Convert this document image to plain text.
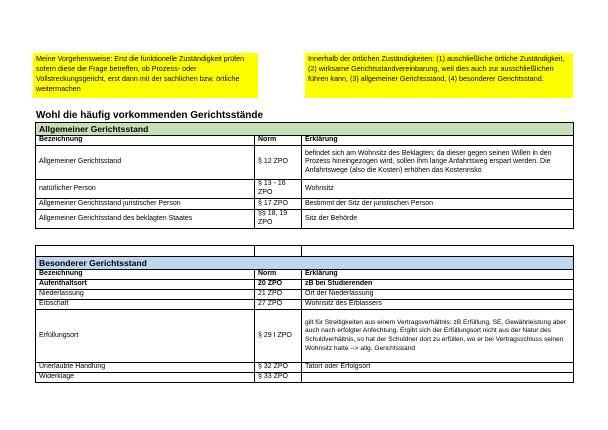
Meine Vorgehensweise: Erst die funktionelle Zuständigkeit prüfen sofern diese die Frage betreffen, ob Prozess- oder Vollstreckungsgericht, erst dann mit der sachlichen bzw. örtliche weitermachen
Innerhalb der örtlichen Zuständigkeiten: (1) auschließliche örtliche Zuständigkeit, (2) wirksame Gerichtsstandvereinbarung, weil dies auch zur ausschließlichen führen kann, (3) allgemeiner Gerichtsstand, (4) besonderer Gerichtsstand.
Wohl die häufig vorkommenden Gerichtsstände
Allgemeiner Gerichtsstand		
Bezeichnung	Norm	Erklärung
Allgemeiner Gerichtsstand	§ 12 ZPO	befindet sich am Wohnsitz des Beklagten; da dieser gegen seinen Willen in den Prozess hineingezogen wird, sollen ihm lange Anfahrtsweg erspart werden. Die Anfahrtswege (also die Kosten) erhöhen das Kostenrisko
natürlicher Person	§ 13 - 16 ZPO	Wohnsitz
Allgemeiner Gerichtsstand juristischer Person	§ 17 ZPO	Bestimmt der Sitz der juristischen Person
Allgemeiner Gerichtsstand des beklagten Staates	§§ 18, 19 ZPO	Sitz der Behörde

Besonderer Gerichtsstand		
Bezeichnung	Norm	Erklärung
Aufenthaltsort	20 ZPO	zB bei Studierenden
Niederlassung	21 ZPO	Ort der Niederlassung
Erbschaft	27 ZPO	Wohnsitz des Erblassers
Erfüllungsort	§ 29 I ZPO	gilt für Streitigkeiten aus einem Vertragsverhältnis: zB Erfüllung, SE, Gewährleistung aber auch nach erfolgter Anfechtung. Ergibt sich der Erfüllungsort nicht aus der Natur des Schuldverhältnis, so hat der Schuldner dort zu erfüllen, wo er bei Vertragsschluss seinen Wohnsitz hatte --> allg. Gerichtsstand
Unerlaubte Handlung	§ 32 ZPO	Tatort oder Erfolgsort
Widerklage	§ 33 ZPO	
